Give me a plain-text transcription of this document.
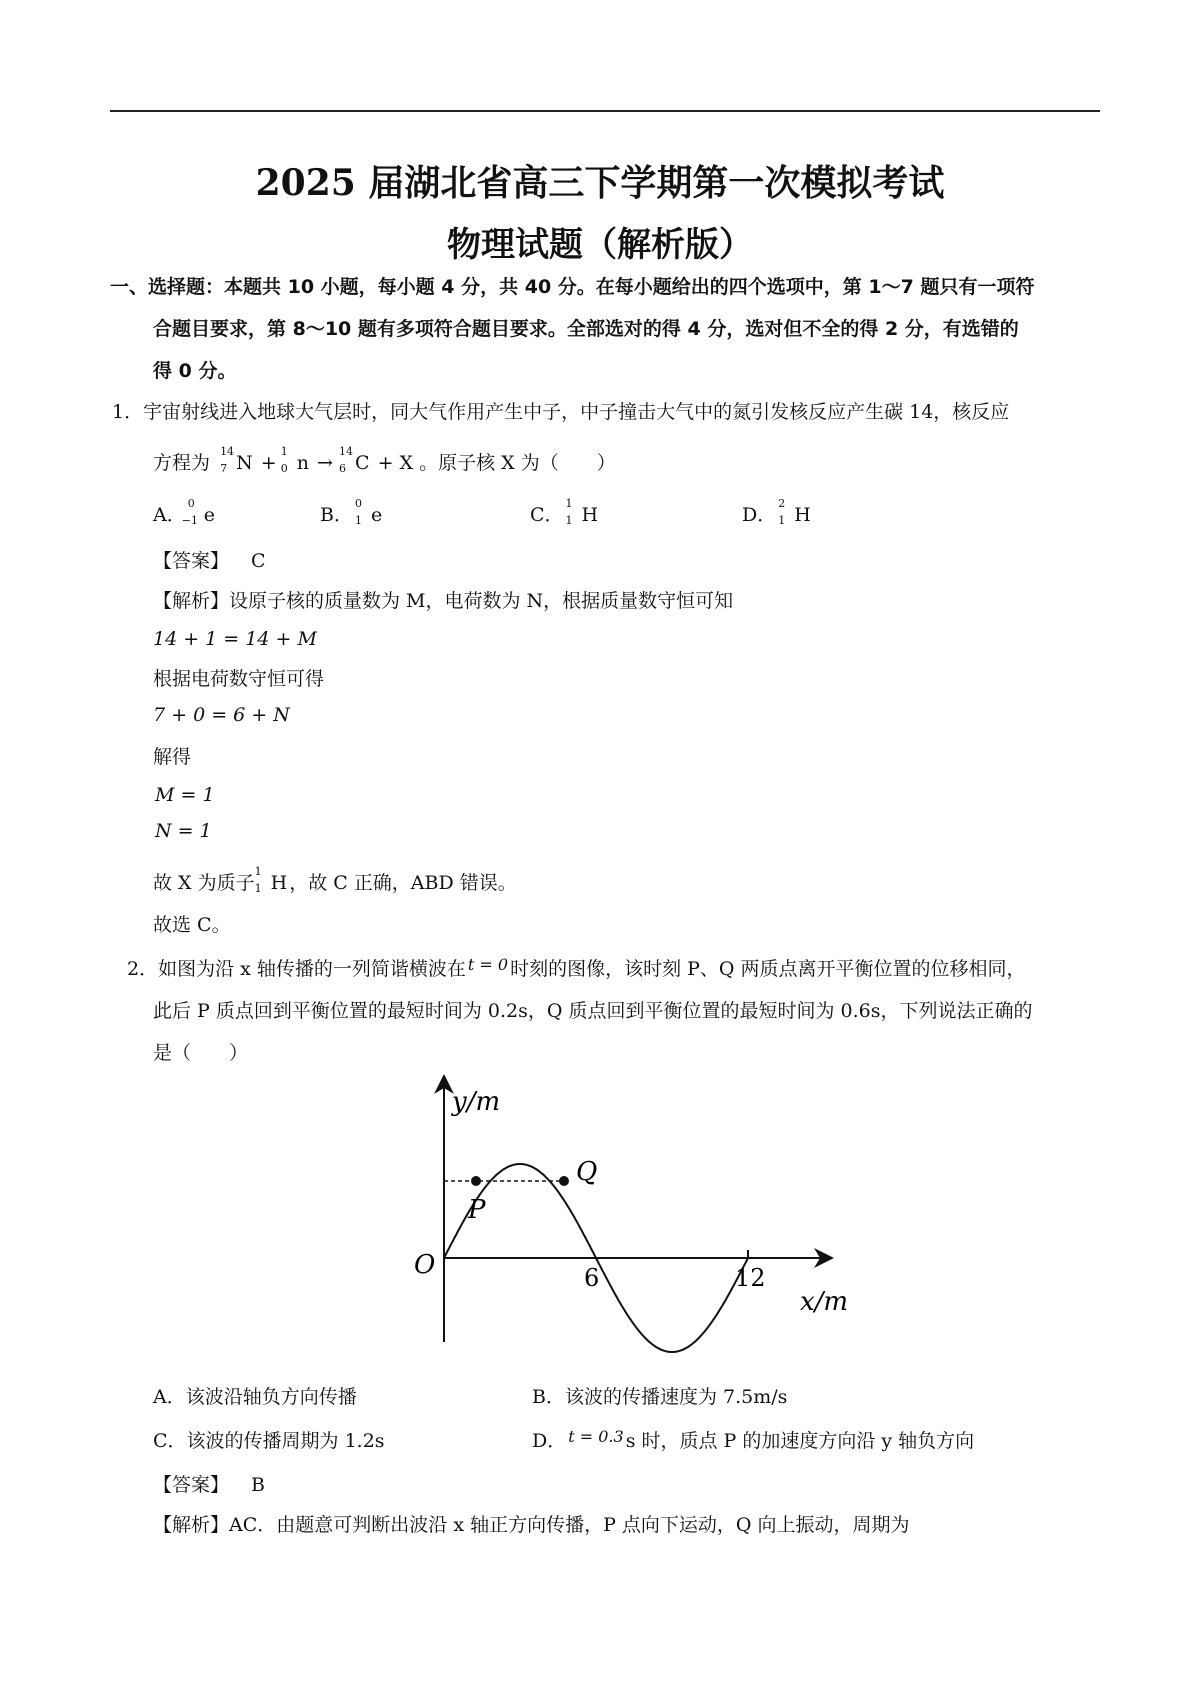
2025 届湖北省高三下学期第一次模拟考试
物理试题（解析版）
一、选择题：本题共 10 小题，每小题 4 分，共 40 分。在每小题给出的四个选项中，第 1～7 题只有一项符
合题目要求，第 8～10 题有多项符合题目要求。全部选对的得 4 分，选对但不全的得 2 分，有选错的
得 0 分。
1．宇宙射线进入地球大气层时，同大气作用产生中子，中子撞击大气中的氮引发核反应产生碳 14，核反应
方程为
14
7 N +
1
0 n →
14
6 C + X 。原子核 X 为（　　）
A．
0
−1 e	B．
0
1 e	C．
1
1 H	D．
2
1 H
【答案】 C
【解析】设原子核的质量数为 M，电荷数为 N，根据质量数守恒可知
14 + 1 = 14 + M
根据电荷数守恒可得
7 + 0 = 6 + N
解得
M = 1
N = 1
故 X 为质子
1
1 H ，故 C 正确，ABD 错误。
故选 C。
2．如图为沿 x 轴传播的一列简谐横波在 $^{t = 0}$ 时刻的图像，该时刻 P、Q 两质点离开平衡位置的位移相同，
此后 P 质点回到平衡位置的最短时间为 0.2s，Q 质点回到平衡位置的最短时间为 0.6s，下列说法正确的
是（　　）
y/m
x/m
O	6	12
P
Q
A．该波沿轴负方向传播	B．该波的传播速度为 7.5m/s
C．该波的传播周期为 1.2s	D． $^{t = 0.3}$ s 时，质点 P 的加速度方向沿 y 轴负方向
【答案】 B
【解析】AC．由题意可判断出波沿 x 轴正方向传播，P 点向下运动，Q 向上振动，周期为
